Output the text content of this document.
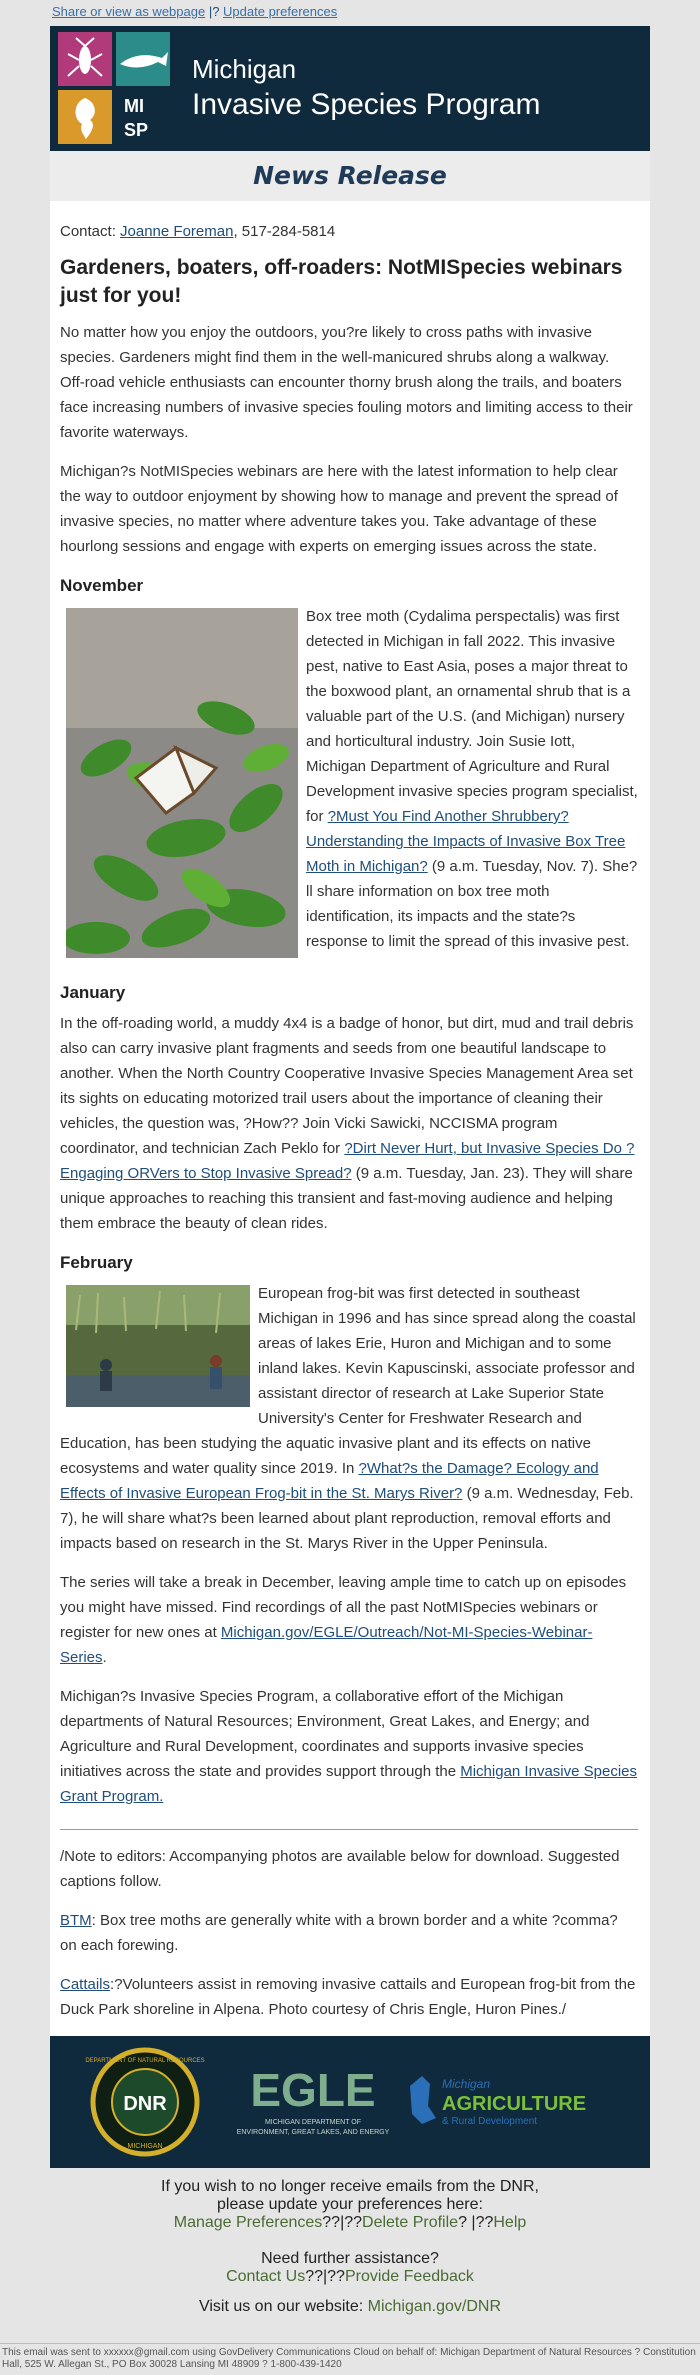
Share or view as webpage |? Update preferences
MI
SP
Michigan
Invasive Species Program
News Release
Contact: Joanne Foreman, 517-284-5814
Gardeners, boaters, off-roaders: NotMISpecies webinars just for you!

No matter how you enjoy the outdoors, you?re likely to cross paths with invasive species. Gardeners might find them in the well-manicured shrubs along a walkway. Off-road vehicle enthusiasts can encounter thorny brush along the trails, and boaters face increasing numbers of invasive species fouling motors and limiting access to their favorite waterways.

Michigan?s NotMISpecies webinars are here with the latest information to help clear the way to outdoor enjoyment by showing how to manage and prevent the spread of invasive species, no matter where adventure takes you. Take advantage of these hourlong sessions and engage with experts on emerging issues across the state.

November

Box tree moth (Cydalima perspectalis) was first detected in Michigan in fall 2022. This invasive pest, native to East Asia, poses a major threat to the boxwood plant, an ornamental shrub that is a valuable part of the U.S. (and Michigan) nursery and horticultural industry. Join Susie Iott, Michigan Department of Agriculture and Rural Development invasive species program specialist, for ?Must You Find Another Shrubbery? Understanding the Impacts of Invasive Box Tree Moth in Michigan? (9 a.m. Tuesday, Nov. 7). She?ll share information on box tree moth identification, its impacts and the state?s response to limit the spread of this invasive pest.

January

In the off-roading world, a muddy 4x4 is a badge of honor, but dirt, mud and trail debris also can carry invasive plant fragments and seeds from one beautiful landscape to another. When the North Country Cooperative Invasive Species Management Area set its sights on educating motorized trail users about the importance of cleaning their vehicles, the question was, ?How?? Join Vicki Sawicki, NCCISMA program coordinator, and technician Zach Peklo for ?Dirt Never Hurt, but Invasive Species Do ? Engaging ORVers to Stop Invasive Spread? (9 a.m. Tuesday, Jan. 23). They will share unique approaches to reaching this transient and fast-moving audience and helping them embrace the beauty of clean rides.

February

European frog-bit was first detected in southeast Michigan in 1996 and has since spread along the coastal areas of lakes Erie, Huron and Michigan and to some inland lakes. Kevin Kapuscinski, associate professor and assistant director of research at Lake Superior State University's Center for Freshwater Research and Education, has been studying the aquatic invasive plant and its effects on native ecosystems and water quality since 2019. In ?What?s the Damage? Ecology and Effects of Invasive European Frog-bit in the St. Marys River? (9 a.m. Wednesday, Feb. 7), he will share what?s been learned about plant reproduction, removal efforts and impacts based on research in the St. Marys River in the Upper Peninsula.

The series will take a break in December, leaving ample time to catch up on episodes you might have missed. Find recordings of all the past NotMISpecies webinars or register for new ones at Michigan.gov/EGLE/Outreach/Not-MI-Species-Webinar-Series.

Michigan?s Invasive Species Program, a collaborative effort of the Michigan departments of Natural Resources; Environment, Great Lakes, and Energy; and Agriculture and Rural Development, coordinates and supports invasive species initiatives across the state and provides support through the Michigan Invasive Species Grant Program.

/Note to editors: Accompanying photos are available below for download. Suggested captions follow.

BTM: Box tree moths are generally white with a brown border and a white ?comma? on each forewing.

Cattails:?Volunteers assist in removing invasive cattails and European frog-bit from the Duck Park shoreline in Alpena. Photo courtesy of Chris Engle, Huron Pines./

DNR
DEPARTMENT OF NATURAL RESOURCES
MICHIGAN
EGLE
MICHIGAN DEPARTMENT OF
ENVIRONMENT, GREAT LAKES, AND ENERGY
Michigan
AGRICULTURE
& Rural Development
If you wish to no longer receive emails from the DNR,
please update your preferences here:
Manage Preferences??|??Delete Profile? |??Help
Need further assistance?
Contact Us??|??Provide Feedback
Visit us on our website: Michigan.gov/DNR
This email was sent to xxxxxx@gmail.com using GovDelivery Communications Cloud on behalf of: Michigan Department of Natural Resources ? Constitution Hall, 525 W. Allegan St., PO Box 30028 Lansing MI 48909 ? 1-800-439-1420
